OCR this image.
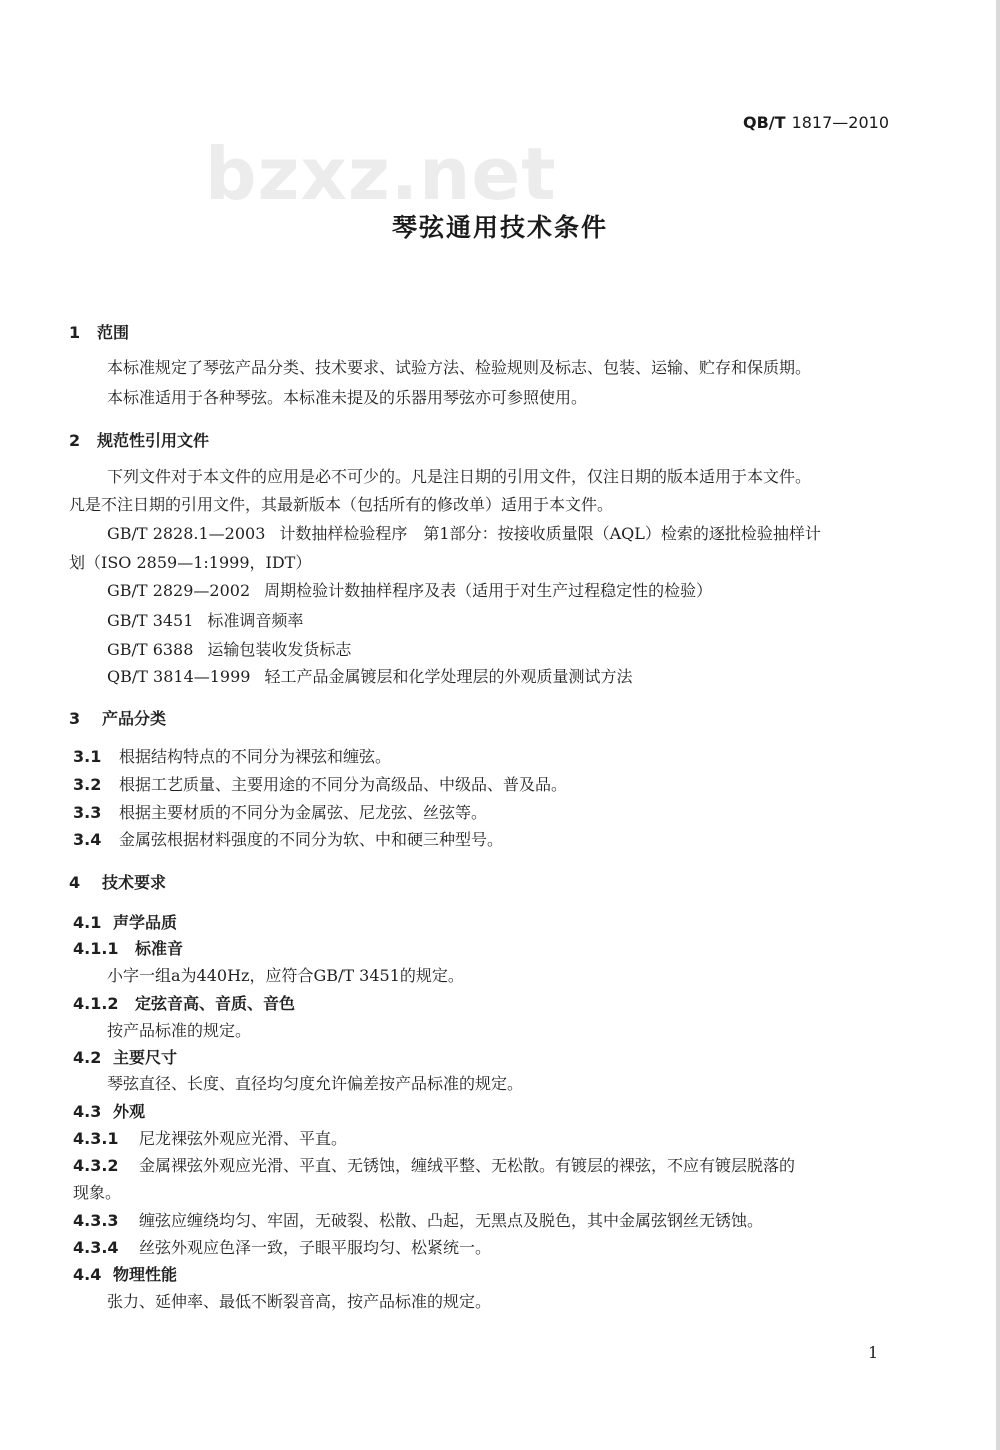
bzxz.net
QB/T 1817—2010
琴弦通用技术条件
1 范围
本标准规定了琴弦产品分类、技术要求、试验方法、检验规则及标志、包装、运输、贮存和保质期。
本标准适用于各种琴弦。本标准未提及的乐器用琴弦亦可参照使用。
2 规范性引用文件
下列文件对于本文件的应用是必不可少的。凡是注日期的引用文件，仅注日期的版本适用于本文件。
凡是不注日期的引用文件，其最新版本（包括所有的修改单）适用于本文件。
GB/T 2828.1—2003 计数抽样检验程序　第1部分：按接收质量限（AQL）检索的逐批检验抽样计
划（ISO 2859—1:1999，IDT）
GB/T 2829—2002 周期检验计数抽样程序及表（适用于对生产过程稳定性的检验）
GB/T 3451 标准调音频率
GB/T 6388 运输包装收发货标志
QB/T 3814—1999 轻工产品金属镀层和化学处理层的外观质量测试方法
3 产品分类
3.1 根据结构特点的不同分为裸弦和缠弦。
3.2 根据工艺质量、主要用途的不同分为高级品、中级品、普及品。
3.3 根据主要材质的不同分为金属弦、尼龙弦、丝弦等。
3.4 金属弦根据材料强度的不同分为软、中和硬三种型号。
4 技术要求
4.1 声学品质
4.1.1 标准音
小字一组a为440Hz，应符合GB/T 3451的规定。
4.1.2 定弦音高、音质、音色
按产品标准的规定。
4.2 主要尺寸
琴弦直径、长度、直径均匀度允许偏差按产品标准的规定。
4.3 外观
4.3.1 尼龙裸弦外观应光滑、平直。
4.3.2 金属裸弦外观应光滑、平直、无锈蚀，缠绒平整、无松散。有镀层的裸弦，不应有镀层脱落的
现象。
4.3.3 缠弦应缠绕均匀、牢固，无破裂、松散、凸起，无黑点及脱色，其中金属弦钢丝无锈蚀。
4.3.4 丝弦外观应色泽一致，子眼平服均匀、松紧统一。
4.4 物理性能
张力、延伸率、最低不断裂音高，按产品标准的规定。
1
